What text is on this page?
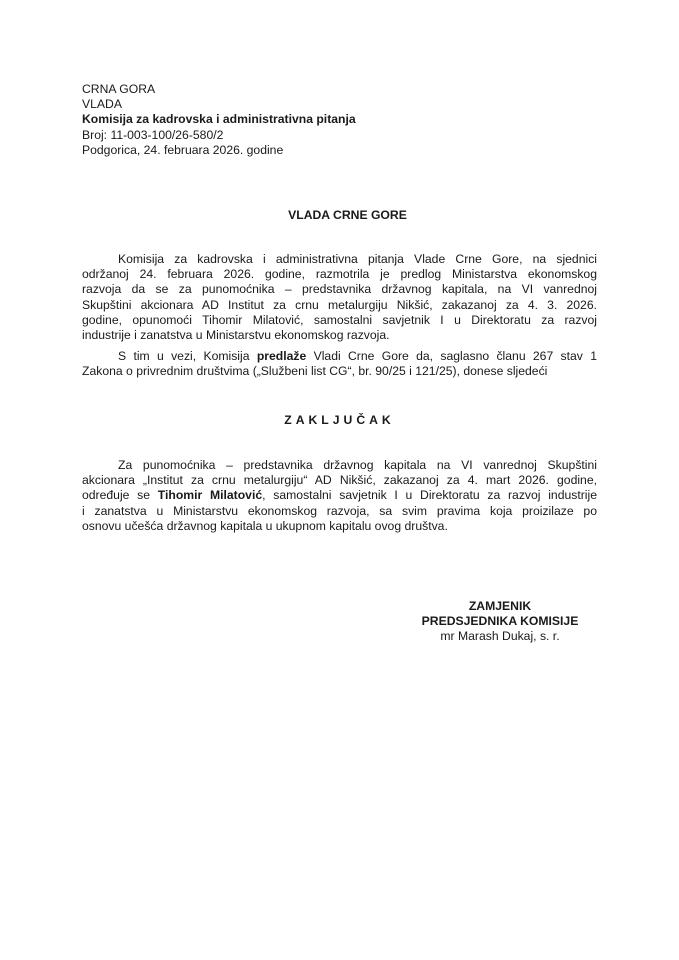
CRNA GORA
VLADA
Komisija za kadrovska i administrativna pitanja
Broj: 11-003-100/26-580/2
Podgorica, 24. februara 2026. godine
VLADA CRNE GORE
Komisija za kadrovska i administrativna pitanja Vlade Crne Gore, na sjednici
održanoj 24. februara 2026. godine, razmotrila je predlog Ministarstva ekonomskog
razvoja da se za punomoćnika – predstavnika državnog kapitala, na VI vanrednoj
Skupštini akcionara AD Institut za crnu metalurgiju Nikšić, zakazanoj za 4. 3. 2026.
godine, opunomoći Tihomir Milatović, samostalni savjetnik I u Direktoratu za razvoj
industrije i zanatstva u Ministarstvu ekonomskog razvoja.
S tim u vezi, Komisija predlaže Vladi Crne Gore da, saglasno članu 267 stav 1
Zakona o privrednim društvima („Službeni list CG“, br. 90/25 i 121/25), donese sljedeći
ZAKLJUČAK
Za punomoćnika – predstavnika državnog kapitala na VI vanrednoj Skupštini
akcionara „Institut za crnu metalurgiju“ AD Nikšić, zakazanoj za 4. mart 2026. godine,
određuje se Tihomir Milatović, samostalni savjetnik I u Direktoratu za razvoj industrije
i zanatstva u Ministarstvu ekonomskog razvoja, sa svim pravima koja proizilaze po
osnovu učešća državnog kapitala u ukupnom kapitalu ovog društva.
ZAMJENIK
PREDSJEDNIKA KOMISIJE
mr Marash Dukaj, s. r.
